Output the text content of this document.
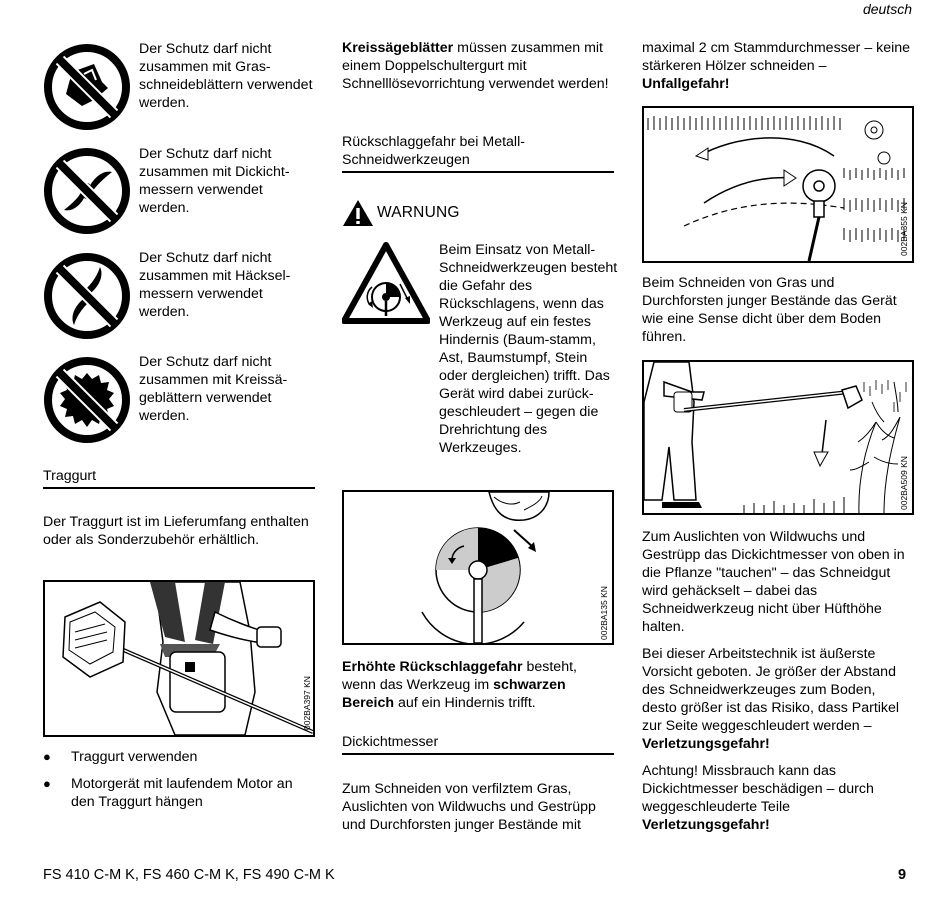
deutsch
Der Schutz darf nicht zusammen mit Gras-schneideblättern verwendet werden.
Der Schutz darf nicht zusammen mit Dickicht-messern verwendet werden.
Der Schutz darf nicht zusammen mit Häcksel-messern verwendet werden.
Der Schutz darf nicht zusammen mit Kreissä-geblättern verwendet werden.
Traggurt
Der Traggurt ist im Lieferumfang enthalten oder als Sonderzubehör erhältlich.
002BA397 KN
●	Traggurt verwenden
●	Motorgerät mit laufendem Motor an den Traggurt hängen

Kreissägeblätter müssen zusammen mit einem Doppelschultergurt mit Schnelllösevorrichtung verwendet werden!

Rückschlaggefahr bei Metall-Schneidwerkzeugen
WARNUNG

Beim Einsatz von Metall-Schneidwerkzeugen besteht die Gefahr des Rückschlagens, wenn das Werkzeug auf ein festes Hindernis (Baum-stamm, Ast, Baumstumpf, Stein oder dergleichen) trifft. Das Gerät wird dabei zurück-geschleudert – gegen die Drehrichtung des Werkzeuges.

002BA135 KN

Erhöhte Rückschlaggefahr besteht, wenn das Werkzeug im schwarzen Bereich auf ein Hindernis trifft.

Dickichtmesser

Zum Schneiden von verfilztem Gras, Auslichten von Wildwuchs und Gestrüpp und Durchforsten junger Bestände mit

maximal 2 cm Stammdurchmesser – keine stärkeren Hölzer schneiden –
Unfallgefahr!

002BA355 KN

Beim Schneiden von Gras und Durchforsten junger Bestände das Gerät wie eine Sense dicht über dem Boden führen.

002BA509 KN

Zum Auslichten von Wildwuchs und Gestrüpp das Dickichtmesser von oben in die Pflanze "tauchen" – das Schneidgut wird gehäckselt – dabei das Schneidwerkzeug nicht über Hüfthöhe halten.

Bei dieser Arbeitstechnik ist äußerste Vorsicht geboten. Je größer der Abstand des Schneidwerkzeuges zum Boden, desto größer ist das Risiko, dass Partikel zur Seite weggeschleudert werden – Verletzungsgefahr!

Achtung! Missbrauch kann das Dickichtmesser beschädigen – durch weggeschleuderte Teile
Verletzungsgefahr!

FS 410 C-M K, FS 460 C-M K, FS 490 C-M K	9
